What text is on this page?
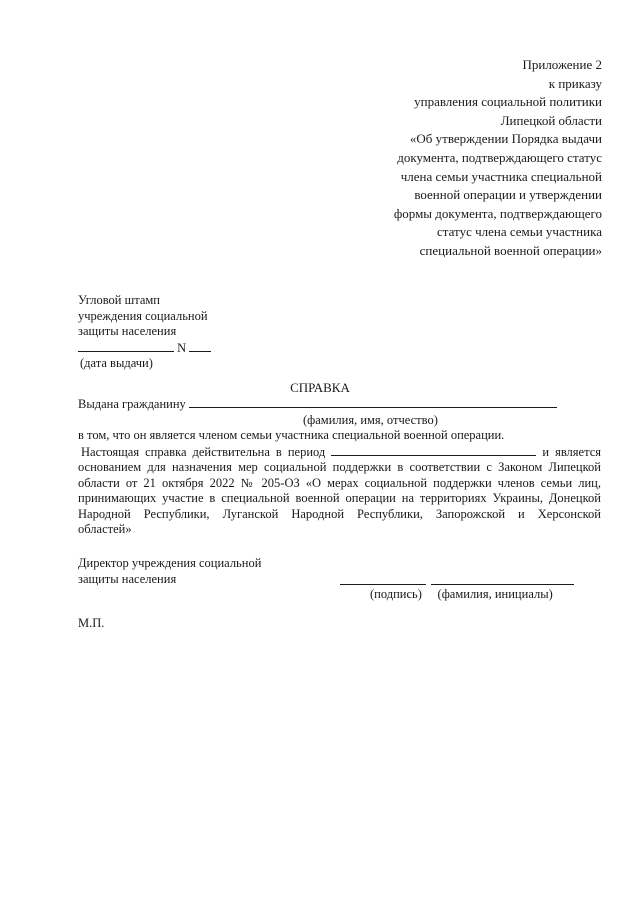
Приложение 2
к приказу
управления социальной политики
Липецкой области
«Об утверждении Порядка выдачи
документа, подтверждающего статус
члена семьи участника специальной
военной операции и утверждении
формы документа, подтверждающего
статус члена семьи участника
специальной военной операции»
Угловой штамп
учреждения социальной
защиты населения
N
(дата выдачи)
СПРАВКА
Выдана гражданину
(фамилия, имя, отчество)
в том, что он является членом семьи участника специальной военной операции.
Настоящая справка действительна в период	и является
основанием для назначения мер социальной поддержки в соответствии с Законом Липецкой
области от 21 октября 2022 № 205-ОЗ «О мерах социальной поддержки членов семьи лиц,
принимающих участие в специальной военной операции на территориях Украины, Донецкой
Народной Республики, Луганской Народной Республики, Запорожской и Херсонской
областей»
Директор учреждения социальной
защиты населения
(подпись) (фамилия, инициалы)
М.П.
